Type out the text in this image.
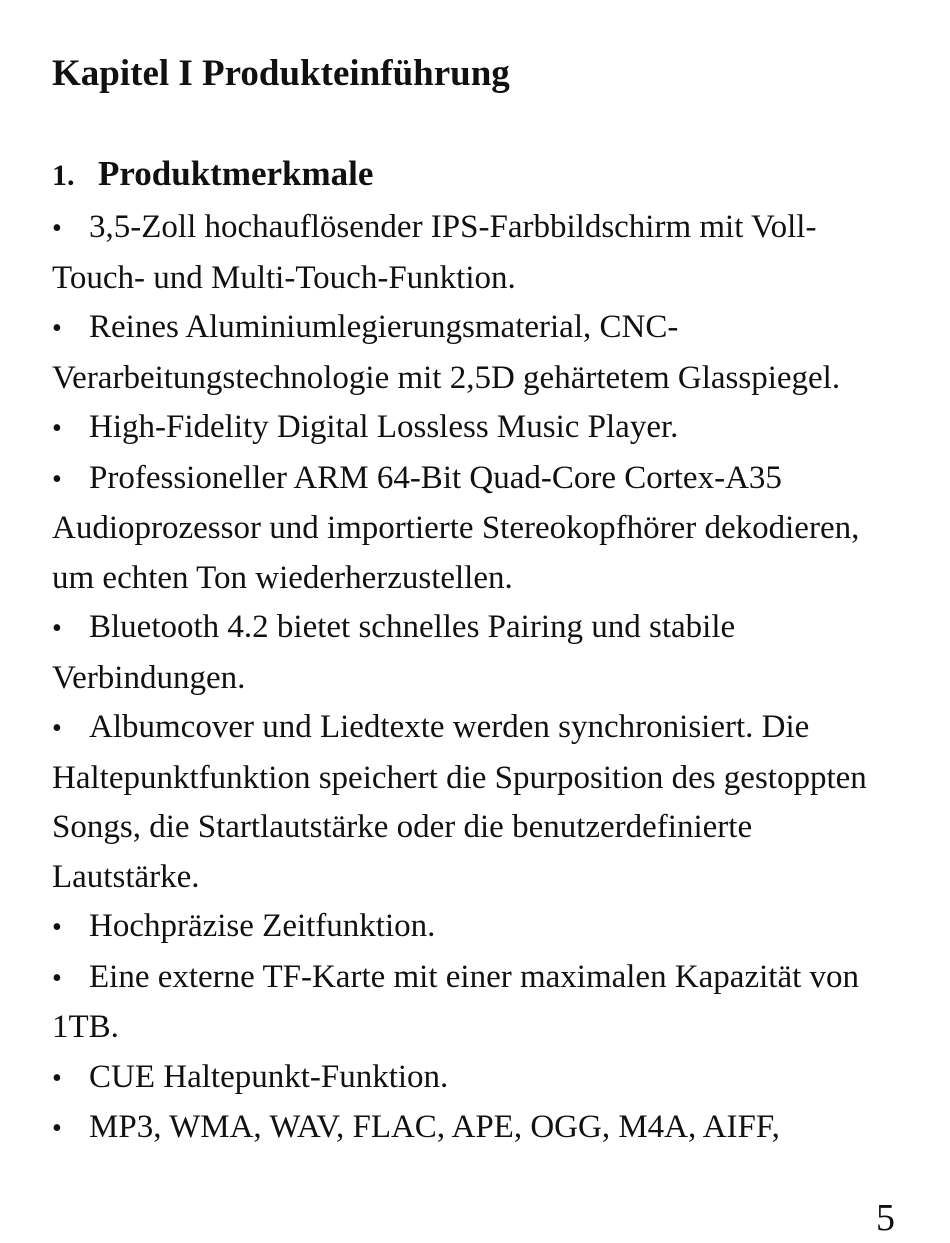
Kapitel I Produkteinführung
1. Produktmerkmale
• 3,5-Zoll hochauflösender IPS-Farbbildschirm mit Voll-Touch- und Multi-Touch-Funktion.
• Reines Aluminiumlegierungsmaterial, CNC-Verarbeitungstechnologie mit 2,5D gehärtetem Glasspiegel.
• High-Fidelity Digital Lossless Music Player.
• Professioneller ARM 64-Bit Quad-Core Cortex-A35 Audioprozessor und importierte Stereokopfhörer dekodieren, um echten Ton wiederherzustellen.
• Bluetooth 4.2 bietet schnelles Pairing und stabile Verbindungen.
• Albumcover und Liedtexte werden synchronisiert. Die Haltepunktfunktion speichert die Spurposition des gestoppten Songs, die Startlautstärke oder die benutzerdefinierte Lautstärke.
• Hochpräzise Zeitfunktion.
• Eine externe TF-Karte mit einer maximalen Kapazität von 1TB.
• CUE Haltepunkt-Funktion.
• MP3, WMA, WAV, FLAC, APE, OGG, M4A, AIFF,
5
